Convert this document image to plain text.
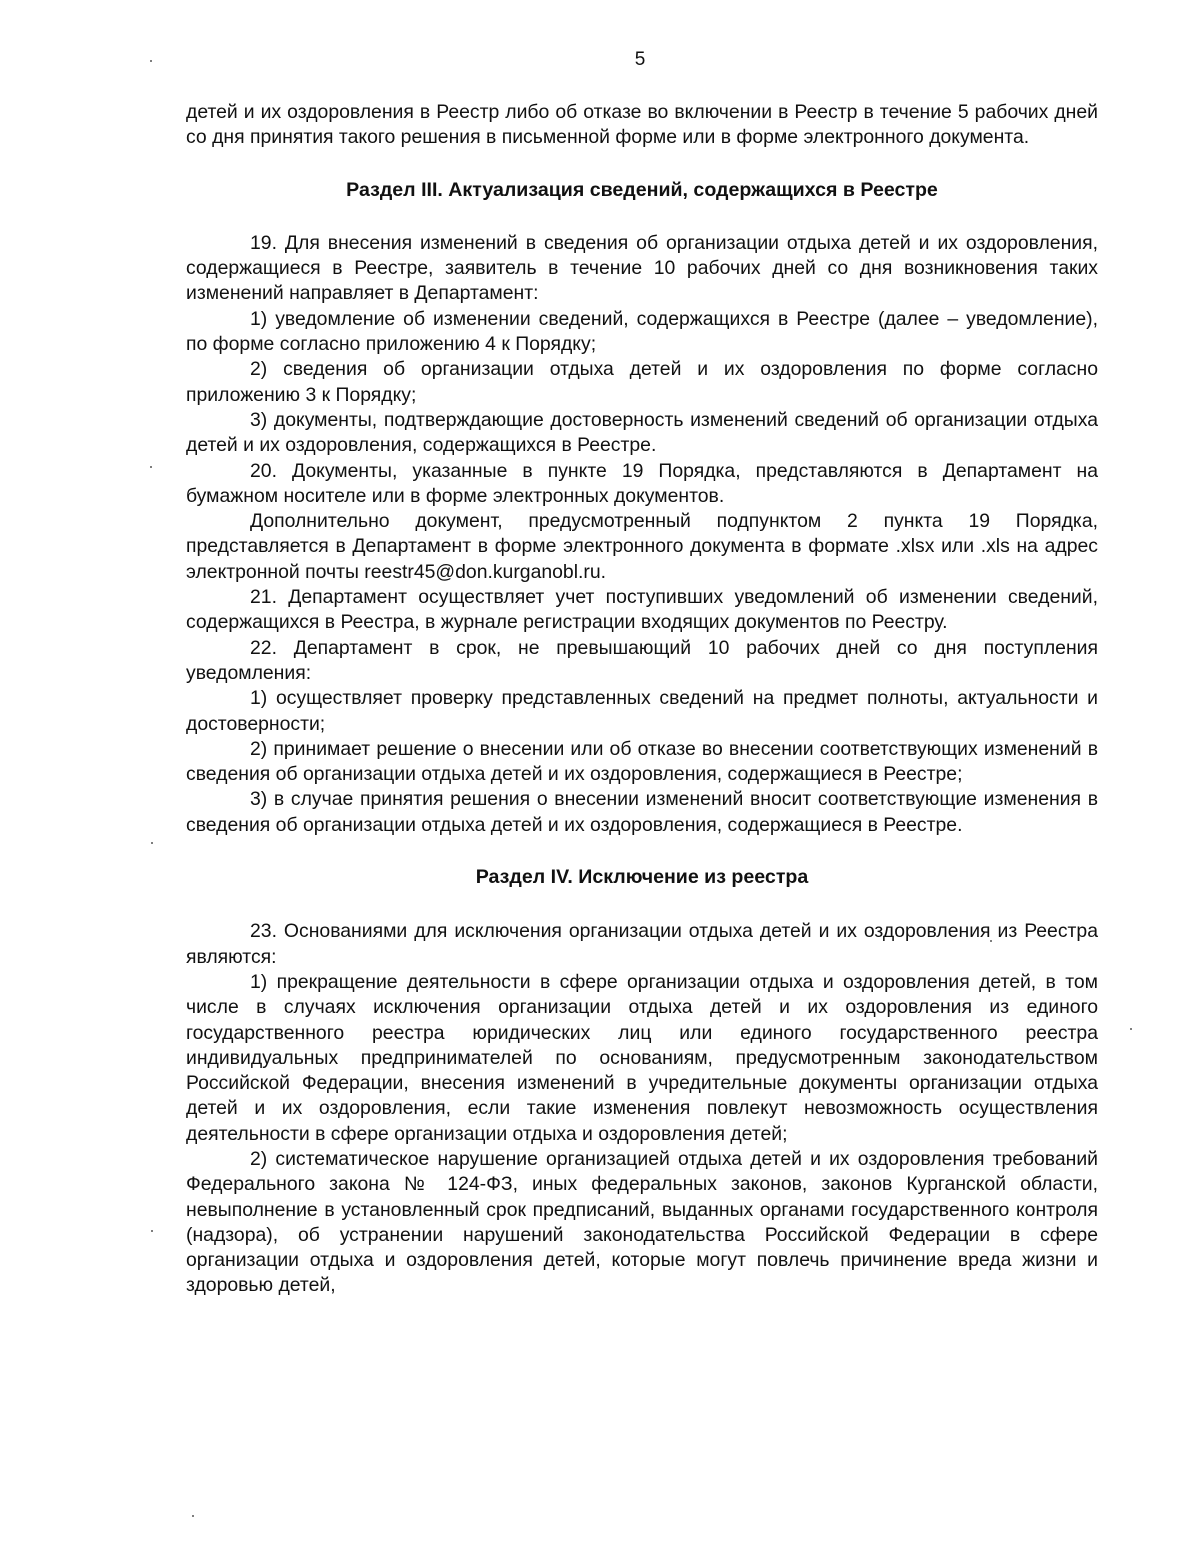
5

детей и их оздоровления в Реестр либо об отказе во включении в Реестр в течение 5 рабочих дней со дня принятия такого решения в письменной форме или в форме электронного документа.

Раздел III. Актуализация сведений, содержащихся в Реестре

19. Для внесения изменений в сведения об организации отдыха детей и их оздоровления, содержащиеся в Реестре, заявитель в течение 10 рабочих дней со дня возникновения таких изменений направляет в Департамент:

1) уведомление об изменении сведений, содержащихся в Реестре (далее – уведомление), по форме согласно приложению 4 к Порядку;

2) сведения об организации отдыха детей и их оздоровления по форме согласно приложению 3 к Порядку;

3) документы, подтверждающие достоверность изменений сведений об организации отдыха детей и их оздоровления, содержащихся в Реестре.

20. Документы, указанные в пункте 19 Порядка, представляются в Департамент на бумажном носителе или в форме электронных документов.

Дополнительно документ, предусмотренный подпунктом 2 пункта 19 Порядка, представляется в Департамент в форме электронного документа в формате .xlsx или .xls на адрес электронной почты reestr45@don.kurganobl.ru.

21. Департамент осуществляет учет поступивших уведомлений об изменении сведений, содержащихся в Реестра, в журнале регистрации входящих документов по Реестру.

22. Департамент в срок, не превышающий 10 рабочих дней со дня поступления уведомления:

1) осуществляет проверку представленных сведений на предмет полноты, актуальности и достоверности;

2) принимает решение о внесении или об отказе во внесении соответствующих изменений в сведения об организации отдыха детей и их оздоровления, содержащиеся в Реестре;

3) в случае принятия решения о внесении изменений вносит соответствующие изменения в сведения об организации отдыха детей и их оздоровления, содержащиеся в Реестре.

Раздел IV. Исключение из реестра

23. Основаниями для исключения организации отдыха детей и их оздоровления из Реестра являются:

1) прекращение деятельности в сфере организации отдыха и оздоровления детей, в том числе в случаях исключения организации отдыха детей и их оздоровления из единого государственного реестра юридических лиц или единого государственного реестра индивидуальных предпринимателей по основаниям, предусмотренным законодательством Российской Федерации, внесения изменений в учредительные документы организации отдыха детей и их оздоровления, если такие изменения повлекут невозможность осуществления деятельности в сфере организации отдыха и оздоровления детей;

2) систематическое нарушение организацией отдыха детей и их оздоровления требований Федерального закона № 124-ФЗ, иных федеральных законов, законов Курганской области, невыполнение в установленный срок предписаний, выданных органами государственного контроля (надзора), об устранении нарушений законодательства Российской Федерации в сфере организации отдыха и оздоровления детей, которые могут повлечь причинение вреда жизни и здоровью детей,
